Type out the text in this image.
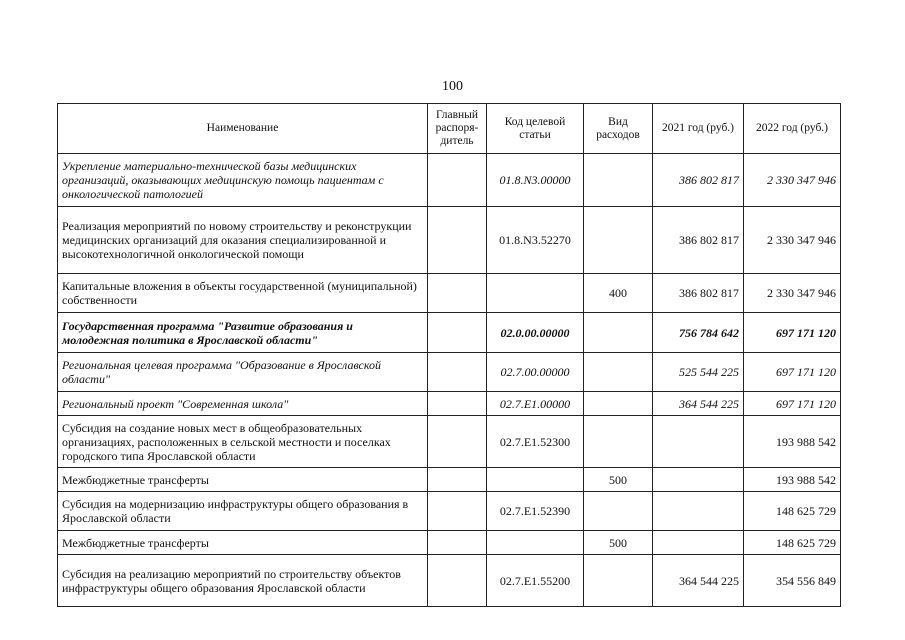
100
Наименование	Главный распоря-дитель	Код целевой статьи	Вид расходов	2021 год (руб.)	2022 год (руб.)
Укрепление материально-технической базы медицинских организаций, оказывающих медицинскую помощь пациентам с онкологической патологией		01.8.N3.00000		386 802 817	2 330 347 946
Реализация мероприятий по новому строительству и реконструкции медицинских организаций для оказания специализированной и высокотехнологичной онкологической помощи		01.8.N3.52270		386 802 817	2 330 347 946
Капитальные вложения в объекты государственной (муниципальной) собственности			400	386 802 817	2 330 347 946
Государственная программа "Развитие образования и молодежная политика в Ярославской области"		02.0.00.00000		756 784 642	697 171 120
Региональная целевая программа "Образование в Ярославской области"		02.7.00.00000		525 544 225	697 171 120
Региональный проект "Современная школа"		02.7.E1.00000		364 544 225	697 171 120
Субсидия на создание новых мест в общеобразовательных организациях, расположенных в сельской местности и поселках городского типа Ярославской области		02.7.E1.52300			193 988 542
Межбюджетные трансферты			500		193 988 542
Субсидия на модернизацию инфраструктуры общего образования в Ярославской области		02.7.E1.52390			148 625 729
Межбюджетные трансферты			500		148 625 729
Субсидия на реализацию мероприятий по строительству объектов инфраструктуры общего образования Ярославской области		02.7.E1.55200		364 544 225	354 556 849
